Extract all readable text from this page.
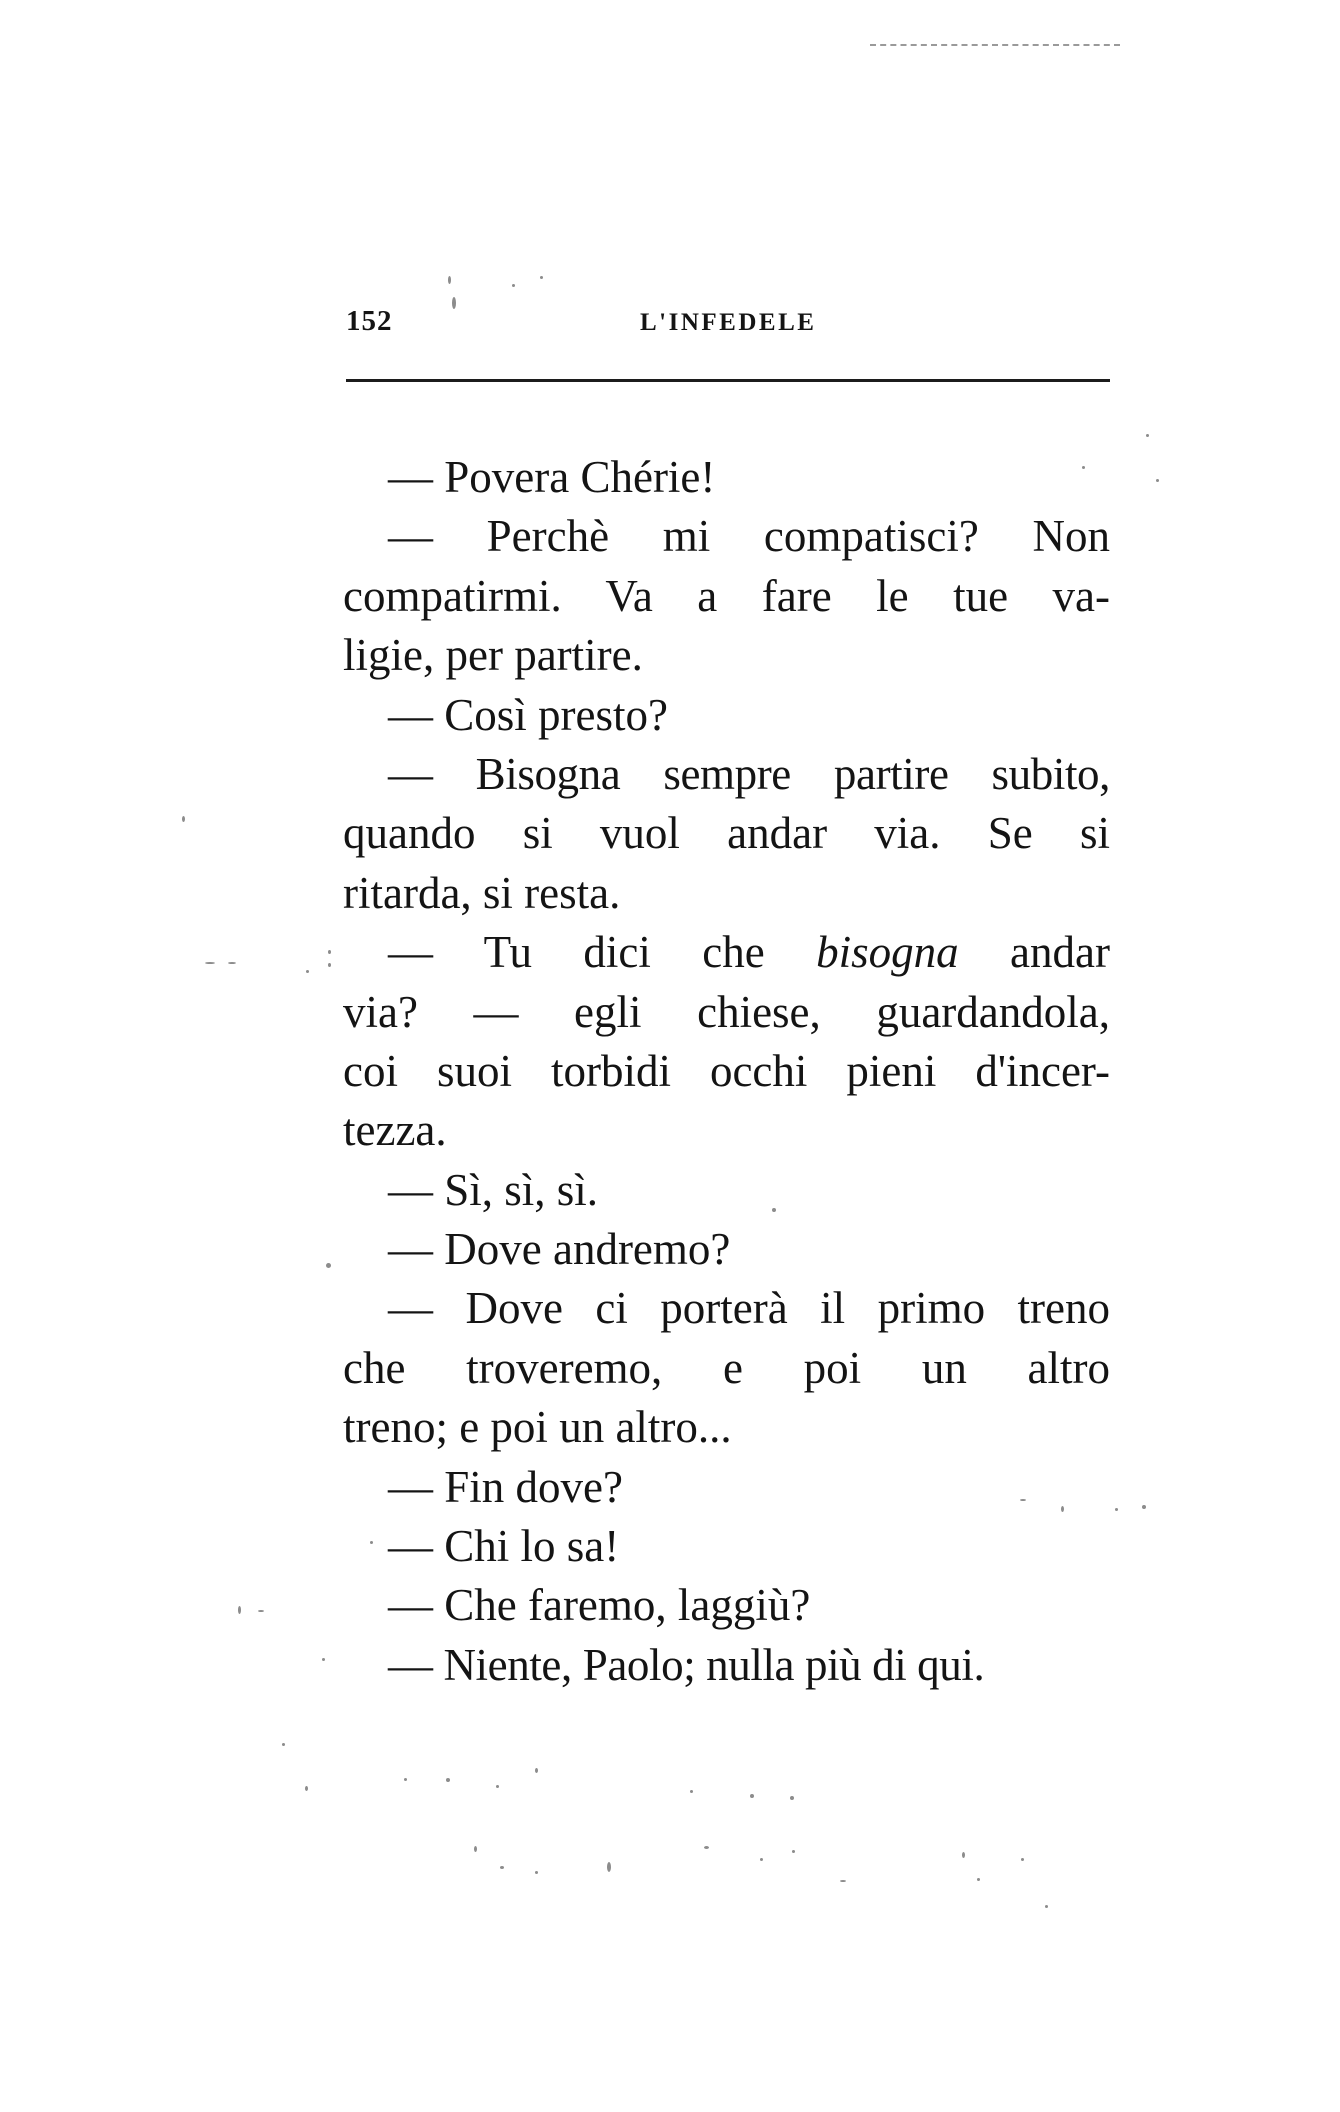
152	L'INFEDELE
— Povera Chérie!
— Perchè mi compatisci? Non
compatirmi. Va a fare le tue va-
ligie, per partire.
— Così presto?
— Bisogna sempre partire subito,
quando si vuol andar via. Se si
ritarda, si resta.
— Tu dici che bisogna andar
via? — egli chiese, guardandola,
coi suoi torbidi occhi pieni d'incer-
tezza.
— Sì, sì, sì.
— Dove andremo?
— Dove ci porterà il primo treno
che troveremo, e poi un altro
treno; e poi un altro...
— Fin dove?
— Chi lo sa!
— Che faremo, laggiù?
— Niente, Paolo; nulla più di qui.
